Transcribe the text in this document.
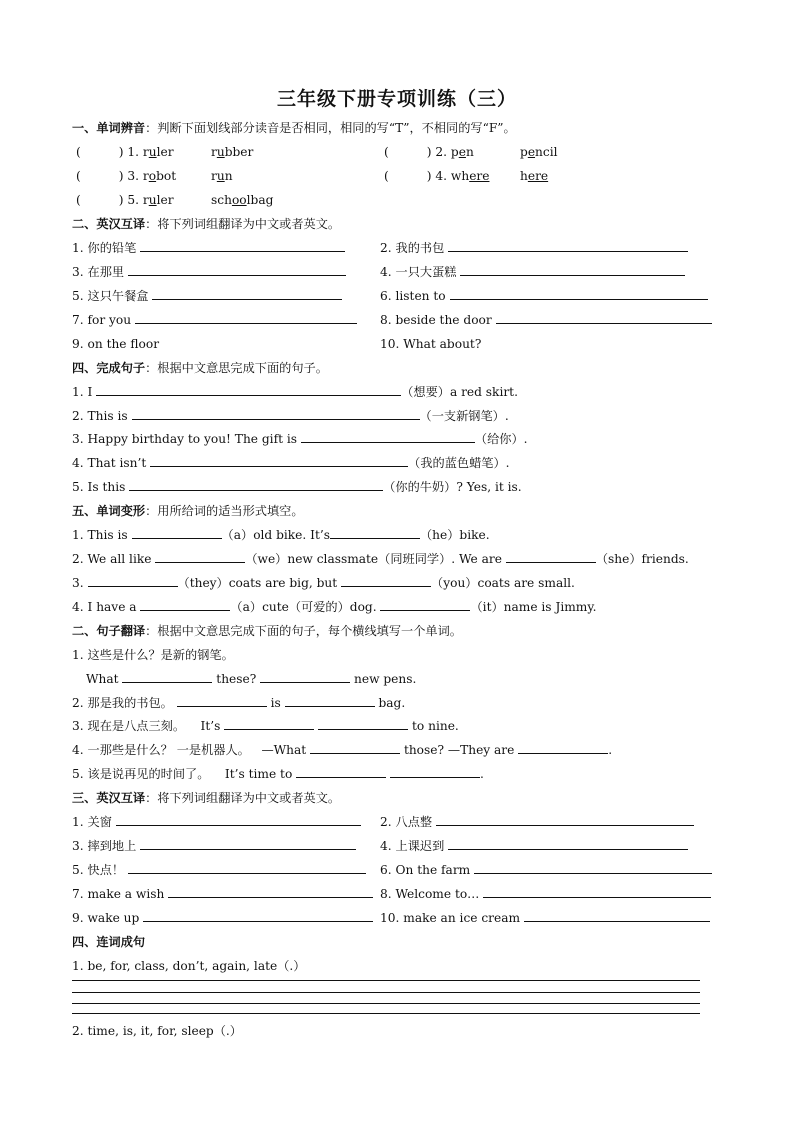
三年级下册专项训练（三）
一、单词辨音：判断下面划线部分读音是否相同，相同的写“T”，不相同的写“F”。
(	) 1. ruler	rubber	(	) 2. pen	pencil
(	) 3. robot	run	(	) 4. where	here
(	) 5. ruler	schoolbag
二、英汉互译：将下列词组翻译为中文或者英文。
1. 你的铅笔	2. 我的书包
3. 在那里	4. 一只大蛋糕
5. 这只午餐盒	6. listen to
7. for you	8. beside the door
9. on the floor	10. What about?
四、完成句子：根据中文意思完成下面的句子。
1. I	（想要）a red skirt.
2. This is	（一支新钢笔）.
3. Happy birthday to you! The gift is	（给你）.
4. That isn’t	（我的蓝色蜡笔）.
5. Is this	（你的牛奶）? Yes, it is.
五、单词变形：用所给词的适当形式填空。
1. This is	（a）old bike. It’s	（he）bike.
2. We all like	（we）new classmate（同班同学）. We are	（she）friends.
3.	（they）coats are big, but	（you）coats are small.
4. I have a	（a）cute（可爱的）dog.	（it）name is Jimmy.
二、句子翻译：根据中文意思完成下面的句子，每个横线填写一个单词。
1. 这些是什么？是新的钢笔。
What	these?	new pens.
2. 那是我的书包。	is	bag.
3. 现在是八点三刻。 It’s	to nine.
4. 一那些是什么？ 一是机器人。 —What	those? —They are	.
5. 该是说再见的时间了。 It’s time to	.
三、英汉互译：将下列词组翻译为中文或者英文。
1. 关窗	2. 八点整
3. 摔到地上	4. 上课迟到
5. 快点！	6. On the farm
7. make a wish	8. Welcome to…
9. wake up	10. make an ice cream
四、连词成句
1. be, for, class, don’t, again, late（.）
2. time, is, it, for, sleep（.）
